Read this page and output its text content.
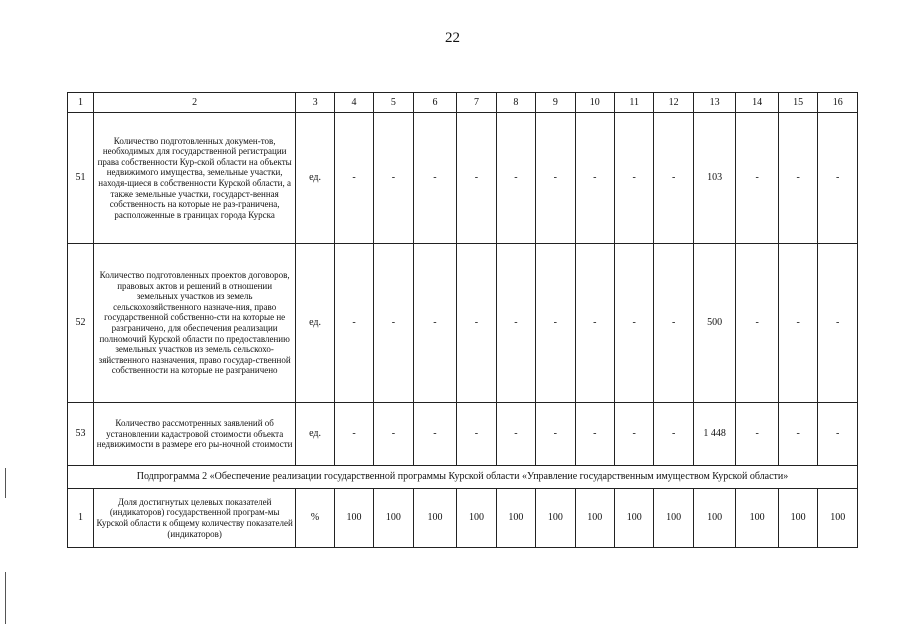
22
1	2	3	4	5	6	7	8	9	10	11	12	13	14	15	16
51	Количество подготовленных докумен-тов, необходимых для государственной регистрации права собственности Кур-ской области на объекты недвижимого имущества, земельные участки, находя-щиеся в собственности Курской области, а также земельные участки, государст-венная собственность на которые не раз-граничена, расположенные в границах города Курска	ед.	-	-	-	-	-	-	-	-	-	103	-	-	-
52	Количество подготовленных проектов договоров, правовых актов и решений в отношении земельных участков из земель сельскохозяйственного назначе-ния, право государственной собственно-сти на которые не разграничено, для обеспечения реализации полномочий Курской области по предоставлению земельных участков из земель сельскохо-зяйственного назначения, право государ-ственной собственности на которые не разграничено	ед.	-	-	-	-	-	-	-	-	-	500	-	-	-
53	Количество рассмотренных заявлений об установлении кадастровой стоимости объекта недвижимости в размере его ры-ночной стоимости	ед.	-	-	-	-	-	-	-	-	-	1 448	-	-	-
Подпрограмма 2 «Обеспечение реализации государственной программы Курской области «Управление государственным имуществом Курской области»															
1	Доля достигнутых целевых показателей (индикаторов) государственной програм-мы Курской области к общему количеству показателей (индикаторов)	%	100	100	100	100	100	100	100	100	100	100	100	100	100
